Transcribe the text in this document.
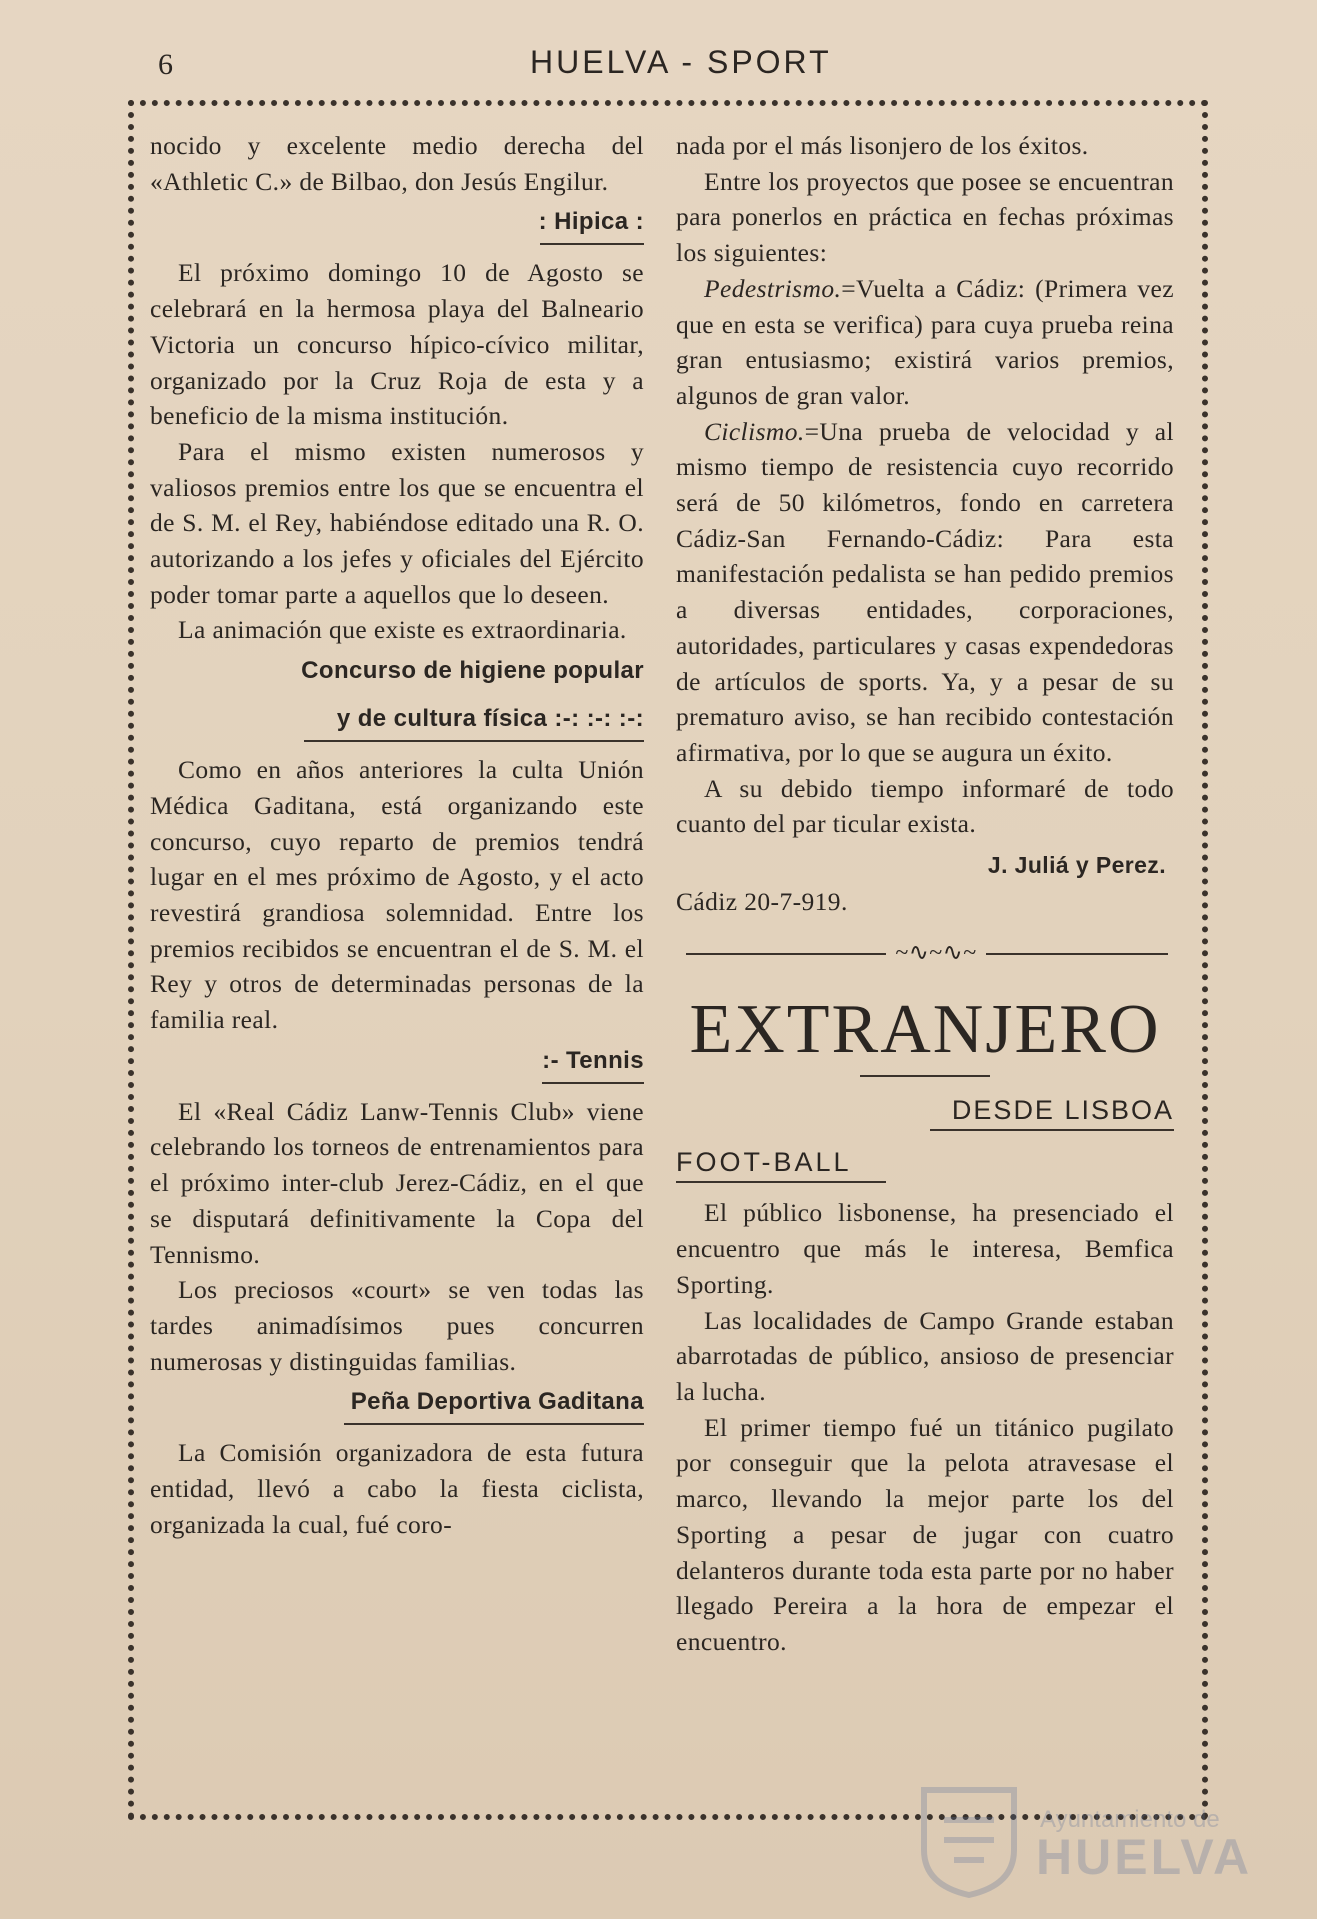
6	HUELVA - SPORT

nocido y excelente medio derecha del «Athletic C.» de Bilbao, don Jesús Engilur.

: Hipica :

El próximo domingo 10 de Agosto se celebrará en la hermosa playa del Balneario Victoria un concurso hípico-cívico militar, organizado por la Cruz Roja de esta y a beneficio de la misma institución.

Para el mismo existen numerosos y valiosos premios entre los que se encuentra el de S. M. el Rey, habiéndose editado una R. O. autorizando a los jefes y oficiales del Ejército poder tomar parte a aquellos que lo deseen.

La animación que existe es extraordinaria.

Concurso de higiene popular
y de cultura física :-: :-: :-:

Como en años anteriores la culta Unión Médica Gaditana, está organizando este concurso, cuyo reparto de premios tendrá lugar en el mes próximo de Agosto, y el acto revestirá grandiosa solemnidad. Entre los premios recibidos se encuentran el de S. M. el Rey y otros de determinadas personas de la familia real.

:- Tennis

El «Real Cádiz Lanw-Tennis Club» viene celebrando los torneos de entrenamientos para el próximo inter-club Jerez-Cádiz, en el que se disputará definitivamente la Copa del Tennismo.

Los preciosos «court» se ven todas las tardes animadísimos pues concurren numerosas y distinguidas familias.

Peña Deportiva Gaditana

La Comisión organizadora de esta futura entidad, llevó a cabo la fiesta ciclista, organizada la cual, fué coro-

nada por el más lisonjero de los éxitos.

Entre los proyectos que posee se encuentran para ponerlos en práctica en fechas próximas los siguientes:

Pedestrismo.=Vuelta a Cádiz: (Primera vez que en esta se verifica) para cuya prueba reina gran entusiasmo; existirá varios premios, algunos de gran valor.

Ciclismo.=Una prueba de velocidad y al mismo tiempo de resistencia cuyo recorrido será de 50 kilómetros, fondo en carretera Cádiz-San Fernando-Cádiz: Para esta manifestación pedalista se han pedido premios a diversas entidades, corporaciones, autoridades, particulares y casas expendedoras de artículos de sports. Ya, y a pesar de su prematuro aviso, se han recibido contestación afirmativa, por lo que se augura un éxito.

A su debido tiempo informaré de todo cuanto del par ticular exista.

J. Juliá y Perez.

Cádiz 20-7-919.

~∿~∿~
EXTRANJERO
DESDE LISBOA
FOOT-BALL

El público lisbonense, ha presenciado el encuentro que más le interesa, Bemfica Sporting.

Las localidades de Campo Grande estaban abarrotadas de público, ansioso de presenciar la lucha.

El primer tiempo fué un titánico pugilato por conseguir que la pelota atravesase el marco, llevando la mejor parte los del Sporting a pesar de jugar con cuatro delanteros durante toda esta parte por no haber llegado Pereira a la hora de empezar el encuentro.

Ayuntamiento de
HUELVA
